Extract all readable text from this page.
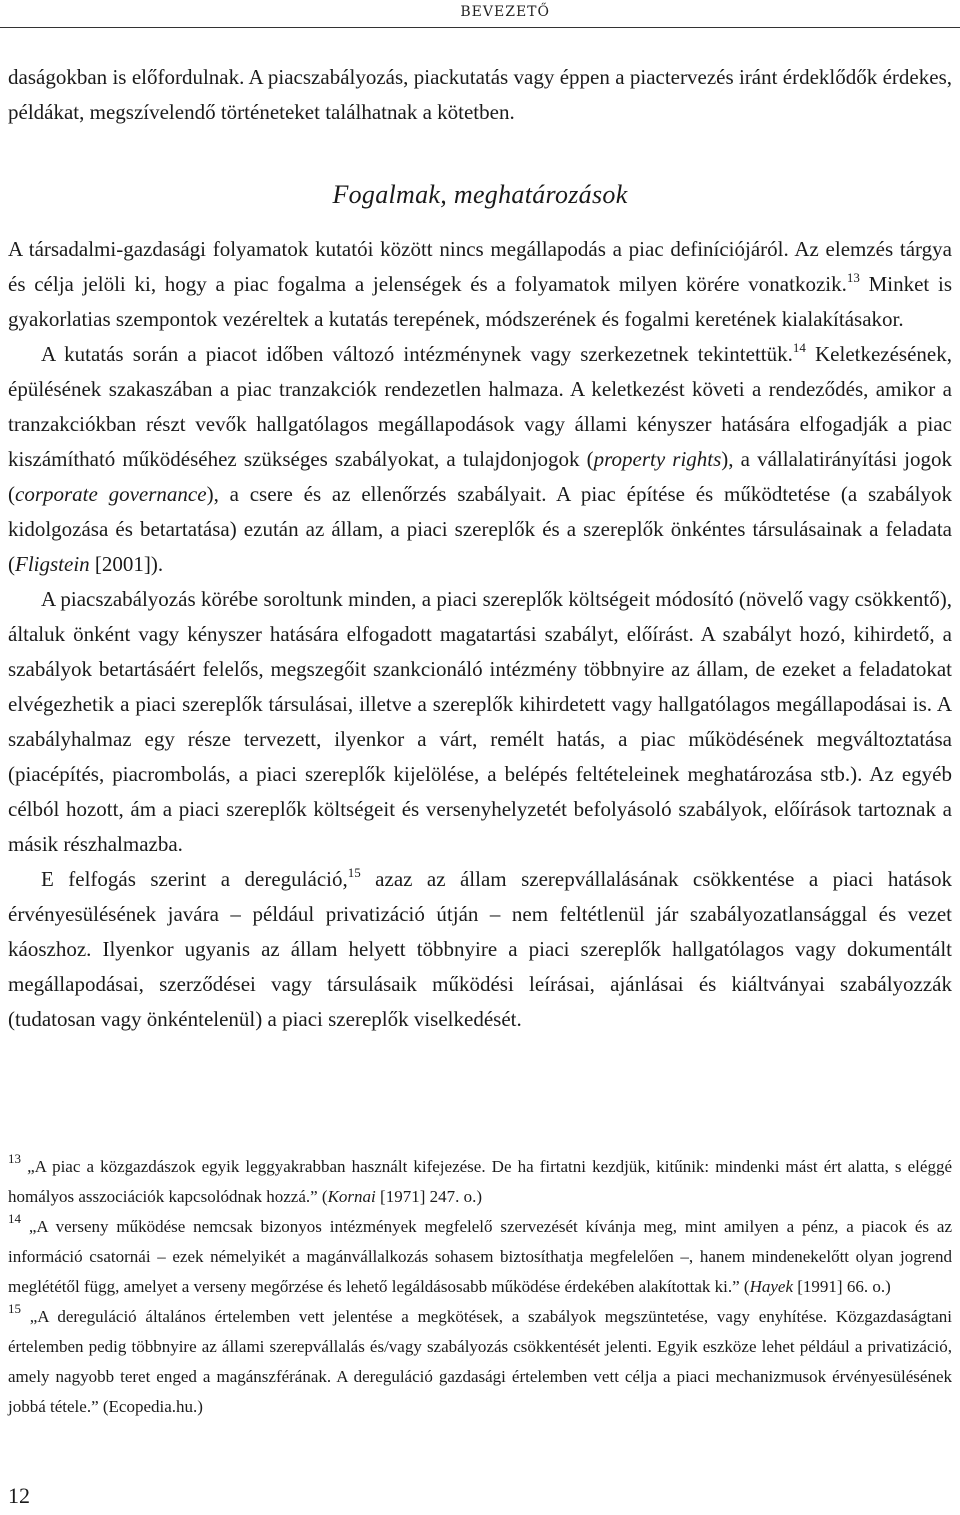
BEVEZETŐ

daságokban is előfordulnak. A piacszabályozás, piackutatás vagy éppen a piactervezés iránt érdeklődők érdekes, példákat, megszívelendő történeteket találhatnak a kötetben.

Fogalmak, meghatározások

A társadalmi-gazdasági folyamatok kutatói között nincs megállapodás a piac definíciójáról. Az elemzés tárgya és célja jelöli ki, hogy a piac fogalma a jelenségek és a folyamatok milyen körére vonatkozik.$^{13}$ Minket is gyakorlatias szempontok vezéreltek a kutatás terepének, módszerének és fogalmi keretének kialakításakor.

A kutatás során a piacot időben változó intézménynek vagy szerkezetnek tekintettük.$^{14}$ Keletkezésének, épülésének szakaszában a piac tranzakciók rendezetlen halmaza. A keletkezést követi a rendeződés, amikor a tranzakciókban részt vevők hallgatólagos megállapodások vagy állami kényszer hatására elfogadják a piac kiszámítható működéséhez szükséges szabályokat, a tulajdonjogok (property rights), a vállalatirányítási jogok (corporate governance), a csere és az ellenőrzés szabályait. A piac építése és működtetése (a szabályok kidolgozása és betartatása) ezután az állam, a piaci szereplők és a szereplők önkéntes társulásainak a feladata (Fligstein [2001]).

A piacszabályozás körébe soroltunk minden, a piaci szereplők költségeit módosító (növelő vagy csökkentő), általuk önként vagy kényszer hatására elfogadott magatartási szabályt, előírást. A szabályt hozó, kihirdető, a szabályok betartásáért felelős, megszegőit szankcionáló intézmény többnyire az állam, de ezeket a feladatokat elvégezhetik a piaci szereplők társulásai, illetve a szereplők kihirdetett vagy hallgatólagos megállapodásai is. A szabályhalmaz egy része tervezett, ilyenkor a várt, remélt hatás, a piac működésének megváltoztatása (piacépítés, piacrombolás, a piaci szereplők kijelölése, a belépés feltételeinek meghatározása stb.). Az egyéb célból hozott, ám a piaci szereplők költségeit és versenyhelyzetét befolyásoló szabályok, előírások tartoznak a másik részhalmazba.

E felfogás szerint a dereguláció,$^{15}$ azaz az állam szerepvállalásának csökkentése a piaci hatások érvényesülésének javára – például privatizáció útján – nem feltétlenül jár szabályozatlansággal és vezet káoszhoz. Ilyenkor ugyanis az állam helyett többnyire a piaci szereplők hallgatólagos vagy dokumentált megállapodásai, szerződései vagy társulásaik működési leírásai, ajánlásai és kiáltványai szabályozzák (tudatosan vagy önkéntelenül) a piaci szereplők viselkedését.

$^{13}$ „A piac a közgazdászok egyik leggyakrabban használt kifejezése. De ha firtatni kezdjük, kitűnik: mindenki mást ért alatta, s eléggé homályos asszociációk kapcsolódnak hozzá.” (Kornai [1971] 247. o.)

$^{14}$ „A verseny működése nemcsak bizonyos intézmények megfelelő szervezését kívánja meg, mint amilyen a pénz, a piacok és az információ csatornái – ezek némelyikét a magánvállalkozás sohasem biztosíthatja megfelelően –, hanem mindenekelőtt olyan jogrend meglététől függ, amelyet a verseny megőrzése és lehető legáldásosabb működése érdekében alakítottak ki.” (Hayek [1991] 66. o.)

$^{15}$ „A dereguláció általános értelemben vett jelentése a megkötések, a szabályok megszüntetése, vagy enyhítése. Közgazdaságtani értelemben pedig többnyire az állami szerepvállalás és/vagy szabályozás csökkentését jelenti. Egyik eszköze lehet például a privatizáció, amely nagyobb teret enged a magánszférának. A dereguláció gazdasági értelemben vett célja a piaci mechanizmusok érvényesülésének jobbá tétele.” (Ecopedia.hu.)

12
